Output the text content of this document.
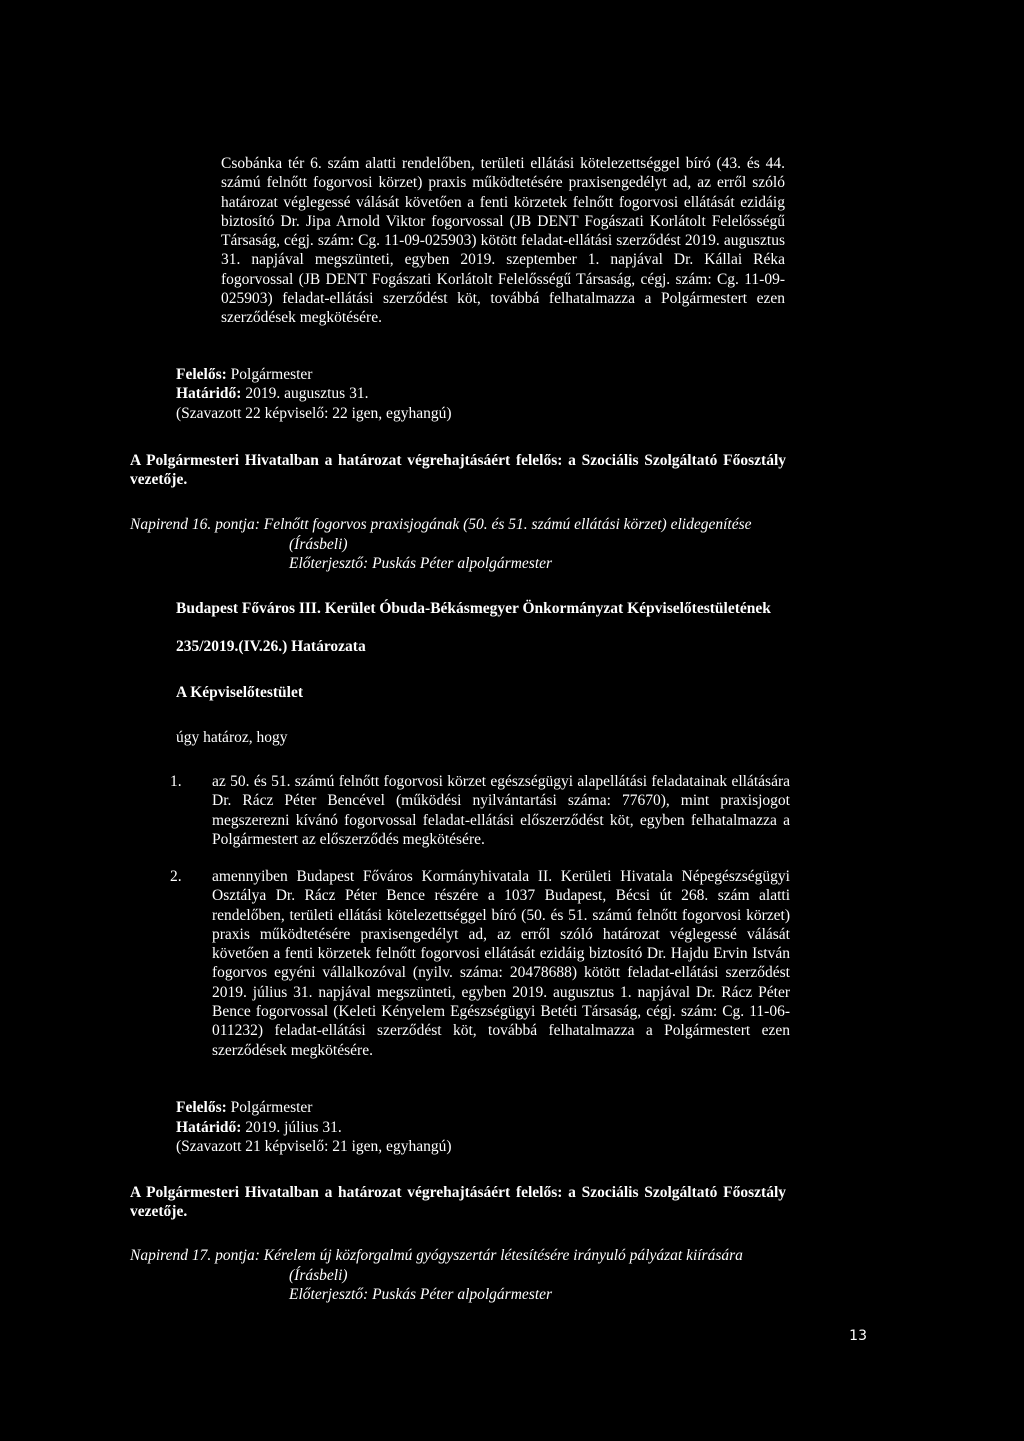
Csobánka tér 6. szám alatti rendelőben, területi ellátási kötelezettséggel bíró (43. és 44. számú felnőtt fogorvosi körzet) praxis működtetésére praxisengedélyt ad, az erről szóló határozat véglegessé válását követően a fenti körzetek felnőtt fogorvosi ellátását ezidáig biztosító Dr. Jipa Arnold Viktor fogorvossal (JB DENT Fogászati Korlátolt Felelősségű Társaság, cégj. szám: Cg. 11-09-025903) kötött feladat-ellátási szerződést 2019. augusztus 31. napjával megszünteti, egyben 2019. szeptember 1. napjával Dr. Kállai Réka fogorvossal (JB DENT Fogászati Korlátolt Felelősségű Társaság, cégj. szám: Cg. 11-09-025903) feladat-ellátási szerződést köt, továbbá felhatalmazza a Polgármestert ezen szerződések megkötésére.

Felelős: Polgármester
Határidő: 2019. augusztus 31.
(Szavazott 22 képviselő: 22 igen, egyhangú)

A Polgármesteri Hivatalban a határozat végrehajtásáért felelős: a Szociális Szolgáltató Főosztály vezetője.

Napirend 16. pontja: Felnőtt fogorvos praxisjogának (50. és 51. számú ellátási körzet) elidegenítése
(Írásbeli)
Előterjesztő: Puskás Péter alpolgármester
Budapest Főváros III. Kerület Óbuda-Békásmegyer Önkormányzat Képviselőtestületének
235/2019.(IV.26.) Határozata
A Képviselőtestület
úgy határoz, hogy
1. az 50. és 51. számú felnőtt fogorvosi körzet egészségügyi alapellátási feladatainak ellátására Dr. Rácz Péter Bencével (működési nyilvántartási száma: 77670), mint praxisjogot megszerezni kívánó fogorvossal feladat-ellátási előszerződést köt, egyben felhatalmazza a Polgármestert az előszerződés megkötésére.

2. amennyiben Budapest Főváros Kormányhivatala II. Kerületi Hivatala Népegészségügyi Osztálya Dr. Rácz Péter Bence részére a 1037 Budapest, Bécsi út 268. szám alatti rendelőben, területi ellátási kötelezettséggel bíró (50. és 51. számú felnőtt fogorvosi körzet) praxis működtetésére praxisengedélyt ad, az erről szóló határozat véglegessé válását követően a fenti körzetek felnőtt fogorvosi ellátását ezidáig biztosító Dr. Hajdu Ervin István fogorvos egyéni vállalkozóval (nyilv. száma: 20478688) kötött feladat-ellátási szerződést 2019. július 31. napjával megszünteti, egyben 2019. augusztus 1. napjával Dr. Rácz Péter Bence fogorvossal (Keleti Kényelem Egészségügyi Betéti Társaság, cégj. szám: Cg. 11-06-011232) feladat-ellátási szerződést köt, továbbá felhatalmazza a Polgármestert ezen szerződések megkötésére.

Felelős: Polgármester
Határidő: 2019. július 31.
(Szavazott 21 képviselő: 21 igen, egyhangú)

A Polgármesteri Hivatalban a határozat végrehajtásáért felelős: a Szociális Szolgáltató Főosztály vezetője.

Napirend 17. pontja: Kérelem új közforgalmú gyógyszertár létesítésére irányuló pályázat kiírására
(Írásbeli)
Előterjesztő: Puskás Péter alpolgármester
13
